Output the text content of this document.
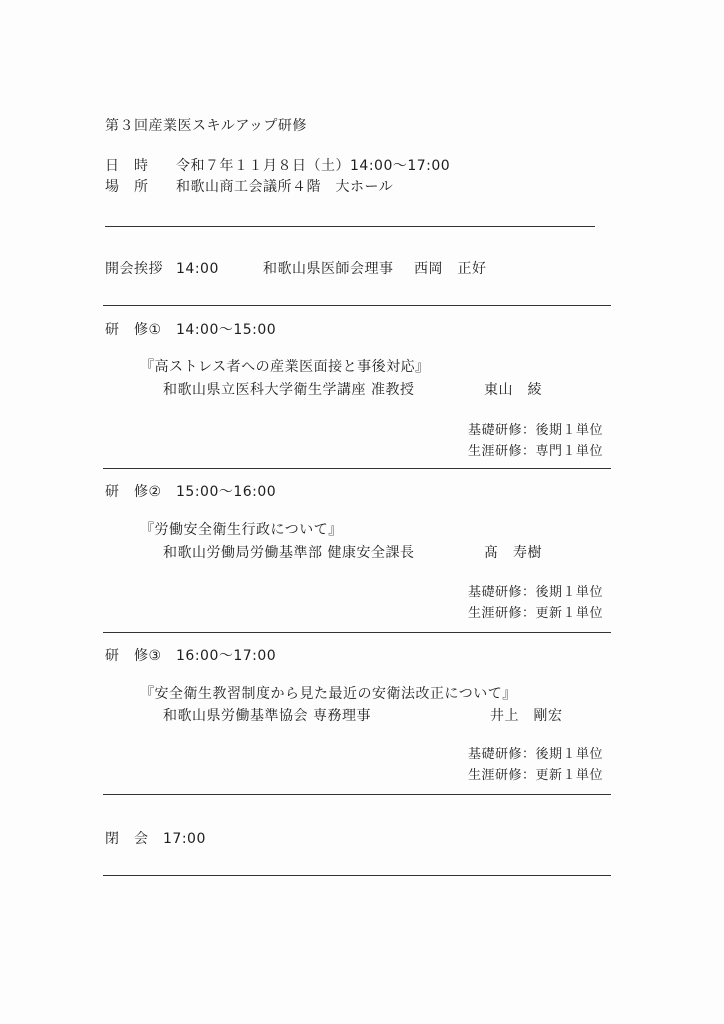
第３回産業医スキルアップ研修
日　時 令和７年１１月８日（土）14:00〜17:00
場　所 和歌山商工会議所４階　大ホール
開会挨拶 14:00	和歌山県医師会理事 西岡　正好
研　修① 14:00〜15:00
『高ストレス者への産業医面接と事後対応』
和歌山県立医科大学衛生学講座 准教授	東山　綾
基礎研修：後期１単位
生涯研修：専門１単位
研　修② 15:00〜16:00
『労働安全衛生行政について』
和歌山労働局労働基準部 健康安全課長	髙　寿樹
基礎研修：後期１単位
生涯研修：更新１単位
研　修③ 16:00〜17:00
『安全衛生教習制度から見た最近の安衛法改正について』
和歌山県労働基準協会 専務理事	井上　剛宏
基礎研修：後期１単位
生涯研修：更新１単位
閉　会 17:00
